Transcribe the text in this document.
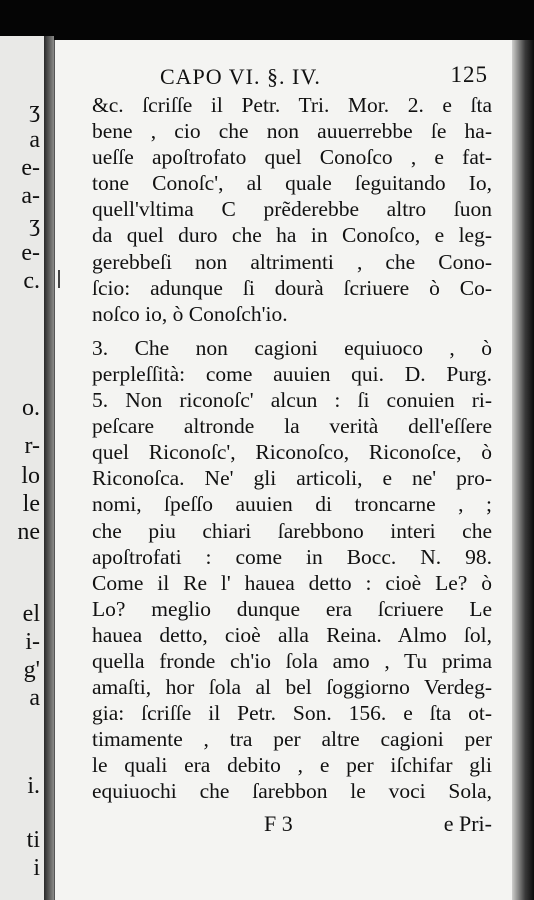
ʒ
a
e-
a-
ʒ
e-
c.
o.
r-
lo
le
ne
el
i-
g'
a
i.
ti
i
CAPO VI. §. IV.	125
&c. ſcriſſe il Petr. Tri. Mor. 2. e ſta
bene , cio che non auuerrebbe ſe ha-
ueſſe apoſtrofato quel Conoſco , e fat-
tone Conoſc', al quale ſeguitando Io,
quell'vltima C prẽderebbe altro ſuon
da quel duro che ha in Conoſco, e leg-
gerebbeſi non altrimenti , che Cono-
ſcio: adunque ſi dourà ſcriuere ò Co-
noſco io, ò Conoſch'io.
3. Che non cagioni equiuoco , ò
perpleſſità: come auuien qui. D. Purg.
5. Non riconoſc' alcun : ſi conuien ri-
peſcare altronde la verità dell'eſſere
quel Riconoſc', Riconoſco, Riconoſce, ò
Riconoſca. Ne' gli articoli, e ne' pro-
nomi, ſpeſſo auuien di troncarne , ;
che piu chiari ſarebbono interi che
apoſtrofati : come in Bocc. N. 98.
Come il Re l' hauea detto : cioè Le? ò
Lo? meglio dunque era ſcriuere Le
hauea detto, cioè alla Reina. Almo ſol,
quella fronde ch'io ſola amo , Tu prima
amaſti, hor ſola al bel ſoggiorno Verdeg-
gia: ſcriſſe il Petr. Son. 156. e ſta ot-
timamente , tra per altre cagioni per
le quali era debito , e per iſchifar gli
equiuochi che ſarebbon le voci Sola,
F 3	e Pri-
